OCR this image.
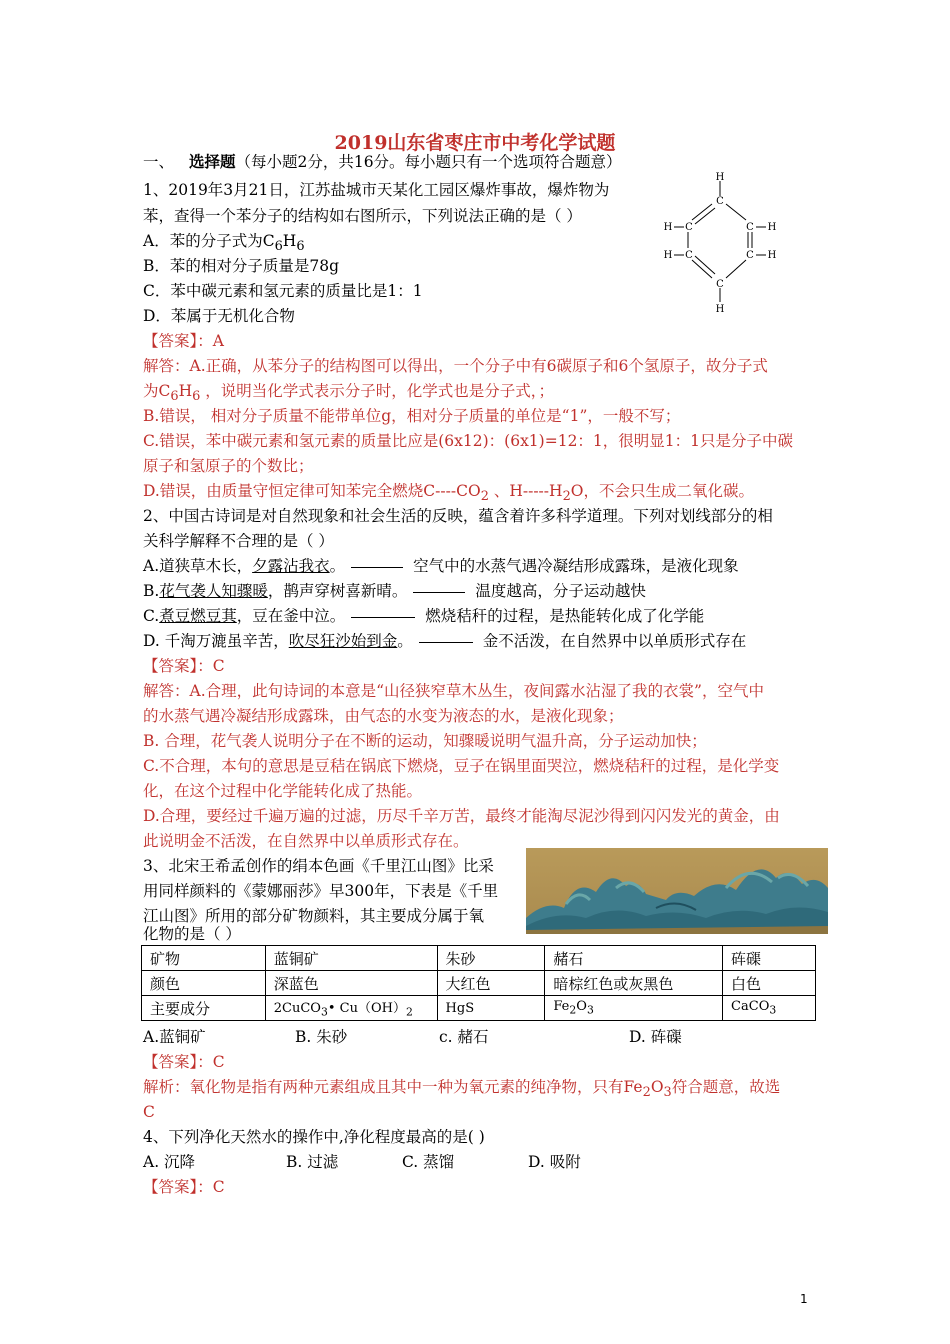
2019山东省枣庄市中考化学试题
一、 选择题（每小题2分，共16分。每小题只有一个选项符合题意）
1、2019年3月21日，江苏盐城市天某化工园区爆炸事故，爆炸物为
苯，查得一个苯分子的结构如右图所示，下列说法正确的是（ ）
A．苯的分子式为$C_6H_6$
B．苯的相对分子质量是78g
C．苯中碳元素和氢元素的质量比是1：1
D．苯属于无机化合物
【答案】：A
解答：A.正确，从苯分子的结构图可以得出，一个分子中有6碳原子和6个氢原子，故分子式
为$C_6H_6$ ，说明当化学式表示分子时，化学式也是分子式，；
B.错误， 相对分子质量不能带单位g，相对分子质量的单位是“1”，一般不写；
C.错误，苯中碳元素和氢元素的质量比应是(6x12)：(6x1)=12：1，很明显1：1只是分子中碳
原子和氢原子的个数比；
D.错误，由质量守恒定律可知苯完全燃烧$C----CO_2$ 、$H-----H_2O$，不会只生成二氧化碳。
H
C
C	C
H	H
C	C
H	H
C
H
2、中国古诗词是对自然现象和社会生活的反映，蕴含着许多科学道理。下列对划线部分的相
关科学解释不合理的是（ ）
A.道狭草木长，夕露沾我衣。	空气中的水蒸气遇冷凝结形成露珠，是液化现象
B.花气袭人知骤暖，鹊声穿树喜新晴。	温度越高，分子运动越快
C.煮豆燃豆萁，豆在釜中泣。	燃烧秸秆的过程，是热能转化成了化学能
D. 千淘万漉虽辛苦，吹尽狂沙始到金。	金不活泼，在自然界中以单质形式存在
【答案】：C
解答：A.合理，此句诗词的本意是“山径狭窄草木丛生，夜间露水沾湿了我的衣裳”，空气中
的水蒸气遇冷凝结形成露珠，由气态的水变为液态的水，是液化现象；
B. 合理，花气袭人说明分子在不断的运动，知骤暖说明气温升高，分子运动加快；
C.不合理，本句的意思是豆秸在锅底下燃烧，豆子在锅里面哭泣，燃烧秸秆的过程，是化学变
化，在这个过程中化学能转化成了热能。
D.合理，要经过千遍万遍的过滤，历尽千辛万苦，最终才能淘尽泥沙得到闪闪发光的黄金，由
此说明金不活泼，在自然界中以单质形式存在。
3、北宋王希孟创作的绢本色画《千里江山图》比采
用同样颜料的《蒙娜丽莎》早300年，下表是《千里
江山图》所用的部分矿物颜料，其主要成分属于氧
化物的是（ ）
矿物	蓝铜矿	朱砂	赭石	砗磲
颜色	深蓝色	大红色	暗棕红色或灰黑色	白色
主要成分	2CuCO$_3$• $Cu(OH)_2$	HgS	$Fe_2O_3$	CaCO$_3$
A.蓝铜矿	B. 朱砂	c. 赭石	D. 砗磲
【答案】：C
解析：氧化物是指有两种元素组成且其中一种为氧元素的纯净物，只有$Fe_2O_3$符合题意，故选
C
4、下列净化天然水的操作中,净化程度最高的是( )
A. 沉降	B. 过滤	C. 蒸馏	D. 吸附
【答案】：C
1
